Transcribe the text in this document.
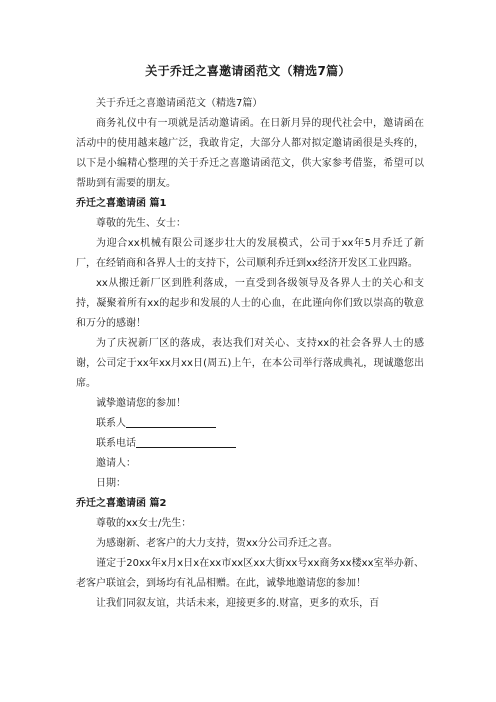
关于乔迁之喜邀请函范文（精选7篇）

关于乔迁之喜邀请函范文（精选7篇）

商务礼仪中有一项就是活动邀请函。在日新月异的现代社会中，邀请函在活动中的使用越来越广泛，我敢肯定，大部分人都对拟定邀请函很是头疼的，以下是小编精心整理的关于乔迁之喜邀请函范文，供大家参考借鉴，希望可以帮助到有需要的朋友。

乔迁之喜邀请函 篇1

尊敬的先生、女士：

为迎合xx机械有限公司逐步壮大的发展模式，公司于xx年5月乔迁了新厂，在经销商和各界人士的支持下，公司顺利乔迁到xx经济开发区工业四路。

xx从搬迁新厂区到胜利落成，一直受到各级领导及各界人士的关心和支持，凝聚着所有xx的起步和发展的人士的心血，在此谨向你们致以崇高的敬意和万分的感谢！

为了庆祝新厂区的落成，表达我们对关心、支持xx的社会各界人士的感谢，公司定于xx年xx月xx日(周五)上午，在本公司举行落成典礼，现诚邀您出席。

诚挚邀请您的参加！

联系人

联系电话

邀请人：

日期：

乔迁之喜邀请函 篇2

尊敬的xx女士/先生：

为感谢新、老客户的大力支持，贺xx分公司乔迁之喜。

谨定于20xx年x月x日x在xx市xx区xx大街xx号xx商务xx楼xx室举办新、老客户联谊会，到场均有礼品相赠。在此，诚挚地邀请您的参加！

让我们同叙友谊，共话未来，迎接更多的.财富，更多的欢乐，百
